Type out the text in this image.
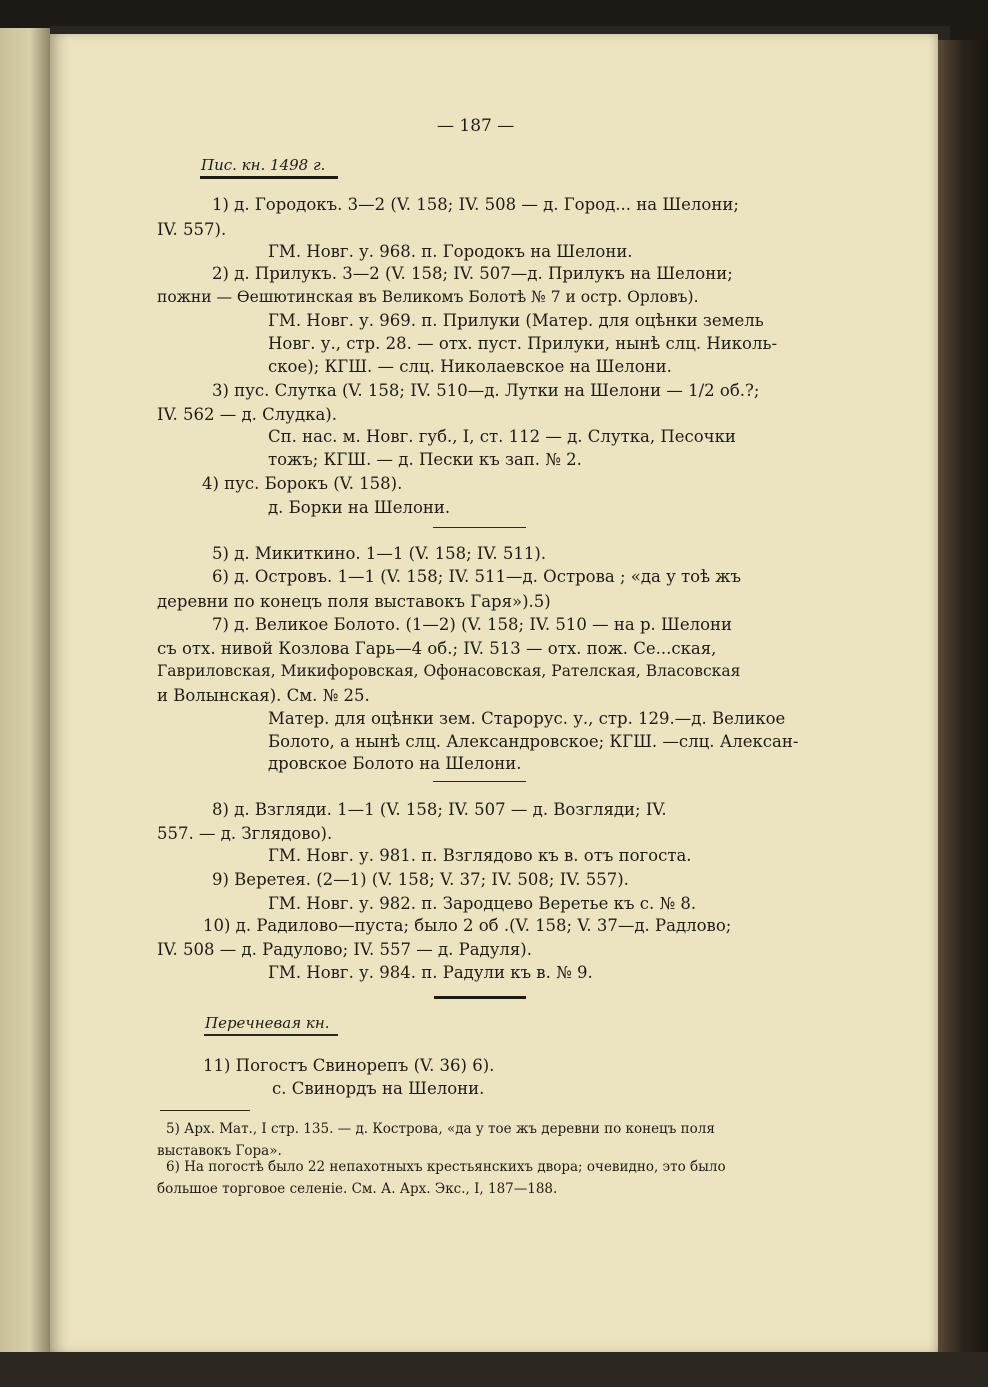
— 187 —
Пис. кн. 1498 г.
1) д. Городокъ. 3—2 (V. 158; IV. 508 — д. Город... на Шелони;
IV. 557).
ГМ. Новг. у. 968. п. Городокъ на Шелони.
2) д. Прилукъ. 3—2 (V. 158; IV. 507—д. Прилукъ на Шелони;
пожни — Өешютинская въ Великомъ Болотѣ № 7 и остр. Орловъ).
ГМ. Новг. у. 969. п. Прилуки (Матер. для оцѣнки земель
Новг. у., стр. 28. — отх. пуст. Прилуки, нынѣ слц. Николь-
ское); КГШ. — слц. Николаевское на Шелони.
3) пус. Слутка (V. 158; IV. 510—д. Лутки на Шелони — 1/2 об.?;
IV. 562 — д. Слудка).
Сп. нас. м. Новг. губ., I, ст. 112 — д. Слутка, Песочки
тожъ; КГШ. — д. Пески къ зап. № 2.
4) пус. Борокъ (V. 158).
д. Борки на Шелони.
5) д. Микиткино. 1—1 (V. 158; IV. 511).
6) д. Островъ. 1—1 (V. 158; IV. 511—д. Острова ; «да у тоѣ жъ
деревни по конецъ поля выставокъ Гаря»).5)
7) д. Великое Болото. (1—2) (V. 158; IV. 510 — на р. Шелони
съ отх. нивой Козлова Гарь—4 об.; IV. 513 — отх. пож. Се...ская,
Гавриловская, Микифоровская, Офонасовская, Рателская, Власовская
и Волынская). См. № 25.
Матер. для оцѣнки зем. Старорус. у., стр. 129.—д. Великое
Болото, а нынѣ слц. Александровское; КГШ. —слц. Алексан-
дровское Болото на Шелони.
8) д. Взгляди. 1—1 (V. 158; IV. 507 — д. Возгляди; IV.
557. — д. Зглядово).
ГМ. Новг. у. 981. п. Взглядово къ в. отъ погоста.
9) Веретея. (2—1) (V. 158; V. 37; IV. 508; IV. 557).
ГМ. Новг. у. 982. п. Зародцево Веретье къ с. № 8.
10) д. Радилово—пуста; было 2 об .(V. 158; V. 37—д. Радлово;
IV. 508 — д. Радулово; IV. 557 — д. Радуля).
ГМ. Новг. у. 984. п. Радули къ в. № 9.
Перечневая кн.
11) Погостъ Свинорепъ (V. 36) 6).
с. Свинордъ на Шелони.
5) Арх. Мат., I стр. 135. — д. Кострова, «да у тое жъ деревни по конецъ поля
выставокъ Гора».
6) На погостѣ было 22 непахотныхъ крестьянскихъ двора; очевидно, это было
большое торговое селеніе. См. А. Арх. Экс., I, 187—188.
